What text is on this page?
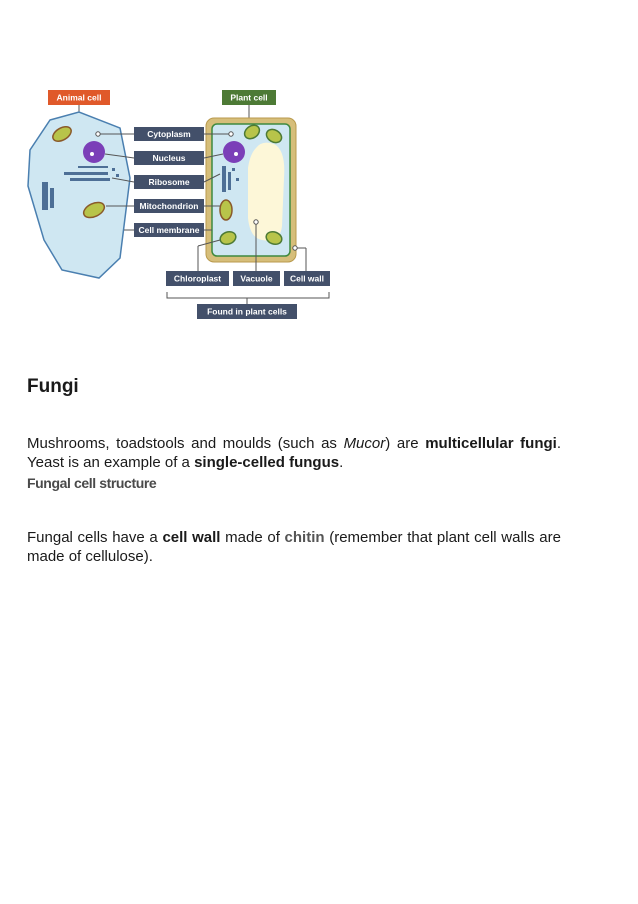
Animal cell	Plant cell
Cytoplasm
Nucleus
Ribosome
Mitochondrion
Cell membrane
Chloroplast Vacuole Cell wall
Found in plant cells
Fungi

Mushrooms, toadstools and moulds (such as Mucor) are multicellular fungi. Yeast is an example of a single-celled fungus.

Fungal cell structure

Fungal cells have a cell wall made of chitin (remember that plant cell walls are made of cellulose).
